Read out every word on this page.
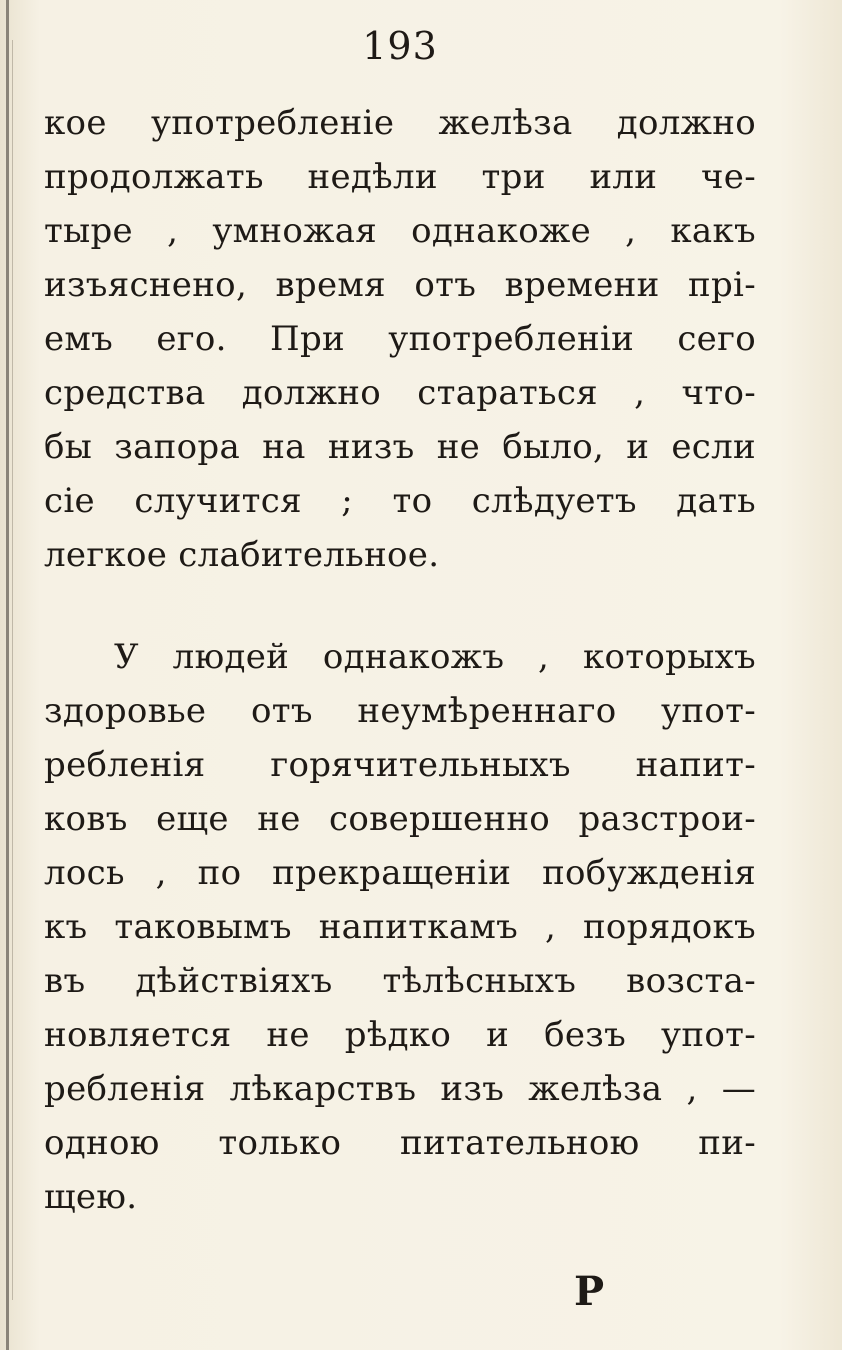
193
кое употребленіе желѣза должно
продолжать недѣли три или че-
тыре , умножая однакоже , какъ
изъяснено, время отъ времени прі-
емъ его. При употребленіи сего
средства должно стараться , что-
бы запора на низъ не было, и если
сіе случится ; то слѣдуетъ дать
легкое слабительное.
У людей однакожъ , которыхъ
здоровье отъ неумѣреннаго упот-
ребленія горячительныхъ напит-
ковъ еще не совершенно разстрои-
лось , по прекращеніи побужденія
къ таковымъ напиткамъ , порядокъ
въ дѣйствіяхъ тѣлѣсныхъ возста-
новляется не рѣдко и безъ упот-
ребленія лѣкарствъ изъ желѣза , —
одною только питательною пи-
щею.
Р
